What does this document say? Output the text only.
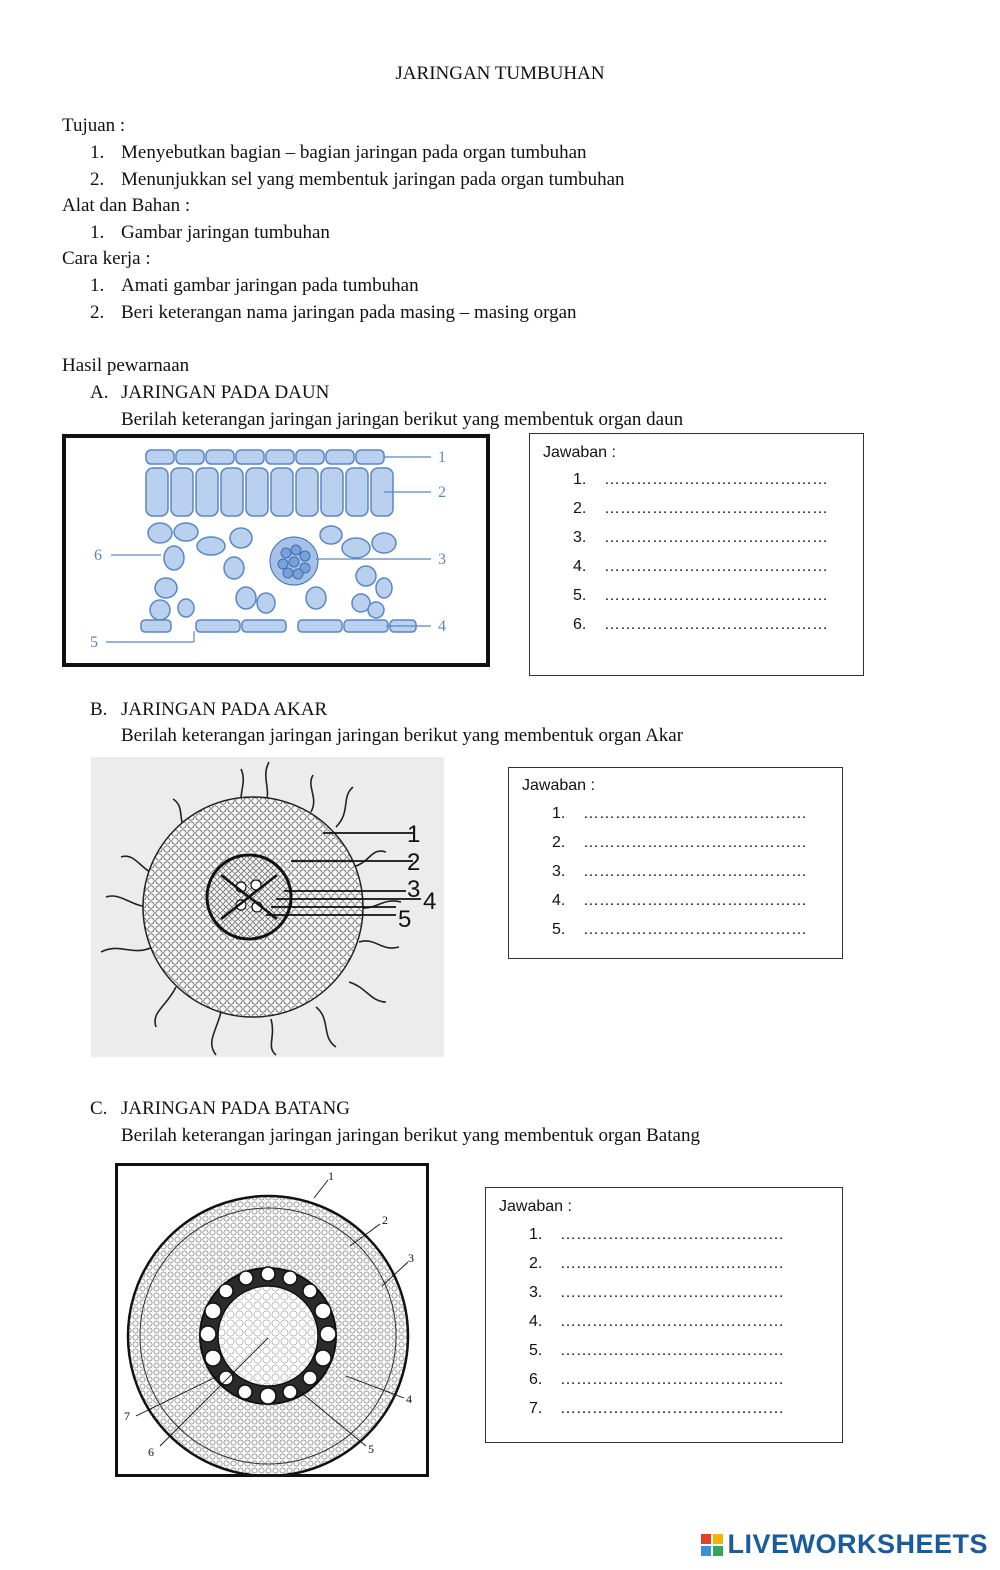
JARINGAN TUMBUHAN
Tujuan :
1. Menyebutkan bagian – bagian jaringan pada organ tumbuhan
2. Menunjukkan sel yang membentuk jaringan pada organ tumbuhan
Alat dan Bahan :
1. Gambar jaringan tumbuhan
Cara kerja :
1. Amati gambar jaringan pada tumbuhan
2. Beri keterangan nama jaringan pada masing – masing organ
Hasil pewarnaan
A. JARINGAN PADA DAUN
Berilah keterangan jaringan jaringan berikut yang membentuk organ daun
1
2
3
4
5
6
Jawaban :
1. ……………………………………
2. ……………………………………
3. ……………………………………
4. ……………………………………
5. ……………………………………
6. ……………………………………
B. JARINGAN PADA AKAR
Berilah keterangan jaringan jaringan berikut yang membentuk organ Akar
1
2
3 4
5
Jawaban :
1. ……………………………………
2. ……………………………………
3. ……………………………………
4. ……………………………………
5. ……………………………………
C. JARINGAN PADA BATANG
Berilah keterangan jaringan jaringan berikut yang membentuk organ Batang
1
2
3
4
5
6
7
Jawaban :
1. ……………………………………
2. ……………………………………
3. ……………………………………
4. ……………………………………
5. ……………………………………
6. ……………………………………
7. ……………………………………
LIVEWORKSHEETS
